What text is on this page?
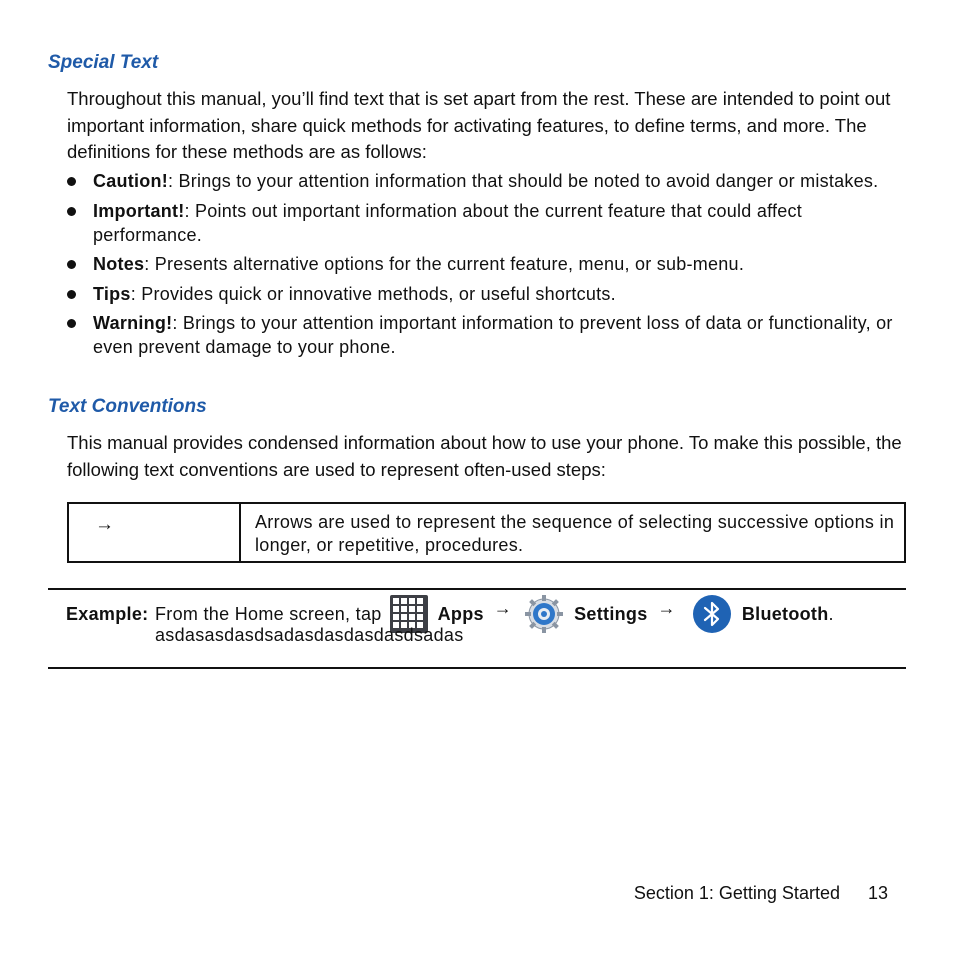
Special Text

Throughout this manual, you’ll find text that is set apart from the rest. These are intended to point out important information, share quick methods for activating features, to define terms, and more. The definitions for these methods are as follows:

Caution!: Brings to your attention information that should be noted to avoid danger or mistakes.
Important!: Points out important information about the current feature that could affect performance.
Notes: Presents alternative options for the current feature, menu, or sub-menu.
Tips: Provides quick or innovative methods, or useful shortcuts.
Warning!: Brings to your attention important information to prevent loss of data or functionality, or even prevent damage to your phone.
Text Conventions

This manual provides condensed information about how to use your phone. To make this possible, the following text conventions are used to represent often-used steps:

→	Arrows are used to represent the sequence of selecting successive options in longer, or repetitive, procedures.
Example: From the Home screen, tap	Apps →	Settings →	Bluetooth .
asdasasdasdsadasdasdasdasdsadas
Section 1: Getting Started 13
